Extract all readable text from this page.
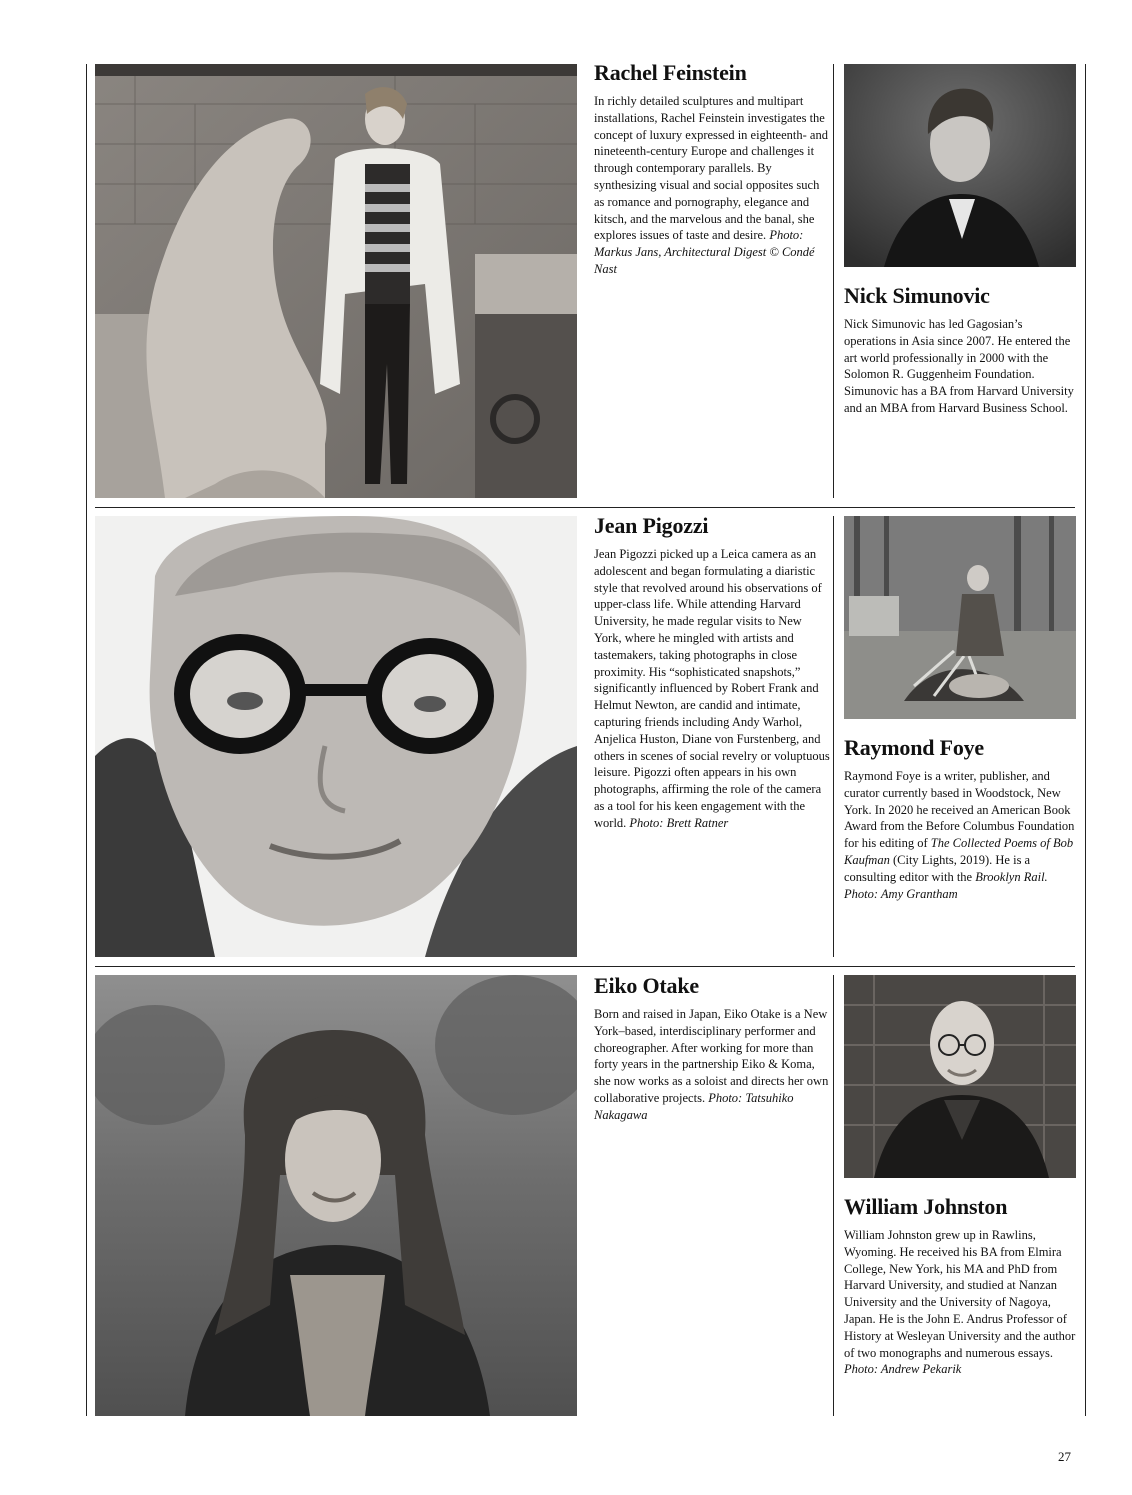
Rachel Feinstein

In richly detailed sculptures and multipart installations, Rachel Feinstein investigates the concept of luxury expressed in eighteenth- and nineteenth-century Europe and challenges it through contemporary parallels. By synthesizing visual and social opposites such as romance and pornography, elegance and kitsch, and the marvelous and the banal, she explores issues of taste and desire. Photo: Markus Jans, Architectural Digest © Condé Nast

Nick Simunovic

Nick Simunovic has led Gagosian’s operations in Asia since 2007. He entered the art world professionally in 2000 with the Solomon R. Guggenheim Foundation. Simunovic has a BA from Harvard University and an MBA from Harvard Business School.

Jean Pigozzi

Jean Pigozzi picked up a Leica camera as an adolescent and began formulating a diaristic style that revolved around his observations of upper-class life. While attending Harvard University, he made regular visits to New York, where he mingled with artists and tastemakers, taking photographs in close proximity. His “sophisticated snapshots,” significantly influenced by Robert Frank and Helmut Newton, are candid and intimate, capturing friends including Andy Warhol, Anjelica Huston, Diane von Furstenberg, and others in scenes of social revelry or voluptuous leisure. Pigozzi often appears in his own photographs, affirming the role of the camera as a tool for his keen engagement with the world. Photo: Brett Ratner

Raymond Foye

Raymond Foye is a writer, publisher, and curator currently based in Woodstock, New York. In 2020 he received an American Book Award from the Before Columbus Foundation for his editing of The Collected Poems of Bob Kaufman (City Lights, 2019). He is a consulting editor with the Brooklyn Rail. Photo: Amy Grantham

Eiko Otake

Born and raised in Japan, Eiko Otake is a New York–based, interdisciplinary performer and choreographer. After working for more than forty years in the partnership Eiko & Koma, she now works as a soloist and directs her own collaborative projects. Photo: Tatsuhiko Nakagawa

William Johnston

William Johnston grew up in Rawlins, Wyoming. He received his BA from Elmira College, New York, his MA and PhD from Harvard University, and studied at Nanzan University and the University of Nagoya, Japan. He is the John E. Andrus Professor of History at Wesleyan University and the author of two monographs and numerous essays. Photo: Andrew Pekarik

27
